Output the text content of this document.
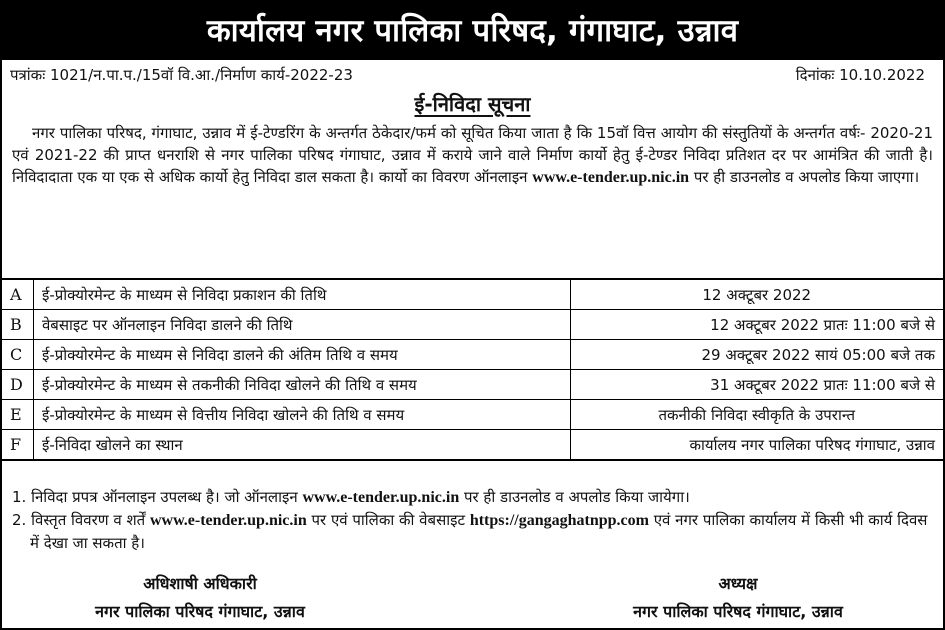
कार्यालय नगर पालिका परिषद, गंगाघाट, उन्नाव
पत्रांकः 1021/न.पा.प./15वॉ वि.आ./निर्माण कार्य-2022-23	दिनांकः 10.10.2022
ई-निविदा सूचना
नगर पालिका परिषद, गंगाघाट, उन्नाव में ई-टेण्डरिंग के अन्तर्गत ठेकेदार/फर्म को सूचित किया जाता है कि 15वॉ वित्त आयोग की संस्तुतियों के अन्तर्गत वर्षः- 2020-21 एवं 2021-22 की प्राप्त धनराशि से नगर पालिका परिषद गंगाघाट, उन्नाव में कराये जाने वाले निर्माण कार्यो हेतु ई-टेण्डर निविदा प्रतिशत दर पर आमंत्रित की जाती है। निविदादाता एक या एक से अधिक कार्यो हेतु निविदा डाल सकता है। कार्यो का विवरण ऑनलाइन www.e-tender.up.nic.in पर ही डाउनलोड व अपलोड किया जाएगा।
A	ई-प्रोक्योरमेन्ट के माध्यम से निविदा प्रकाशन की तिथि	12 अक्टूबर 2022
B	वेबसाइट पर ऑनलाइन निविदा डालने की तिथि	12 अक्टूबर 2022 प्रातः 11:00 बजे से
C	ई-प्रोक्योरमेन्ट के माध्यम से निविदा डालने की अंतिम तिथि व समय	29 अक्टूबर 2022 सायं 05:00 बजे तक
D	ई-प्रोक्योरमेन्ट के माध्यम से तकनीकी निविदा खोलने की तिथि व समय	31 अक्टूबर 2022 प्रातः 11:00 बजे से
E	ई-प्रोक्योरमेन्ट के माध्यम से वित्तीय निविदा खोलने की तिथि व समय	तकनीकी निविदा स्वीकृति के उपरान्त
F	ई-निविदा खोलने का स्थान	कार्यालय नगर पालिका परिषद गंगाघाट, उन्नाव
1. निविदा प्रपत्र ऑनलाइन उपलब्ध है। जो ऑनलाइन www.e-tender.up.nic.in पर ही डाउनलोड व अपलोड किया जायेगा।
2. विस्तृत विवरण व शर्तें www.e-tender.up.nic.in पर एवं पालिका की वेबसाइट https://gangaghatnpp.com एवं नगर पालिका कार्यालय में किसी भी कार्य दिवस में देखा जा सकता है।
अधिशाषी अधिकारी
नगर पालिका परिषद गंगाघाट, उन्नाव
अध्यक्ष
नगर पालिका परिषद गंगाघाट, उन्नाव
